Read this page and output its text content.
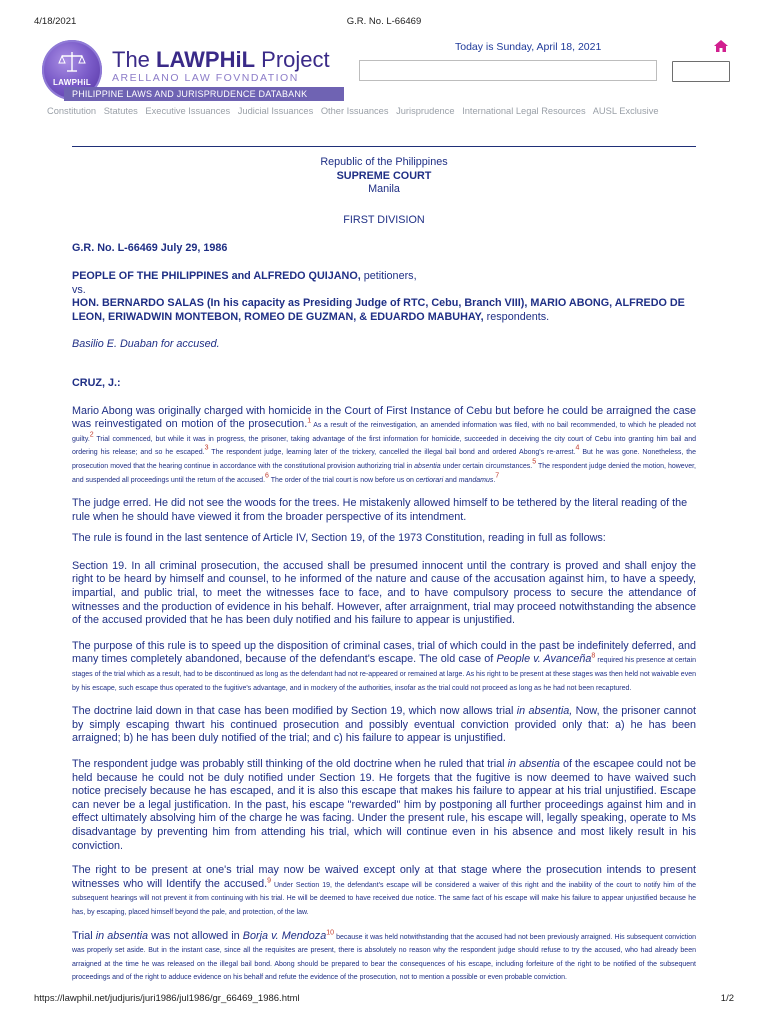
4/18/2021	G.R. No. L-66469
LAWPHiL
The LAWPHiL Project
ARELLANO LAW FOVNDATION
PHILIPPINE LAWS AND JURISPRUDENCE DATABANK
Today is Sunday, April 18, 2021
Constitution Statutes Executive Issuances Judicial Issuances Other Issuances Jurisprudence International Legal Resources AUSL Exclusive

Republic of the Philippines

SUPREME COURT

Manila

FIRST DIVISION

G.R. No. L-66469 July 29, 1986

PEOPLE OF THE PHILIPPINES and ALFREDO QUIJANO, petitioners,

vs.

HON. BERNARDO SALAS (In his capacity as Presiding Judge of RTC, Cebu, Branch VIII), MARIO ABONG, ALFREDO DE LEON, ERIWADWIN MONTEBON, ROMEO DE GUZMAN, & EDUARDO MABUHAY, respondents.

Basilio E. Duaban for accused.

CRUZ, J.:

Mario Abong was originally charged with homicide in the Court of First Instance of Cebu but before he could be arraigned the case was reinvestigated on motion of the prosecution.$^1$ As a result of the reinvestigation, an amended information was filed, with no bail recommended, to which he pleaded not guilty.$^2$ Trial commenced, but while it was in progress, the prisoner, taking advantage of the first information for homicide, succeeded in deceiving the city court of Cebu into granting him bail and ordering his release; and so he escaped.$^3$ The respondent judge, learning later of the trickery, cancelled the illegal bail bond and ordered Abong's re-arrest.$^4$ But he was gone. Nonetheless, the prosecution moved that the hearing continue in accordance with the constitutional provision authorizing trial in absentia under certain circumstances.$^5$ The respondent judge denied the motion, however, and suspended all proceedings until the return of the accused.$^6$ The order of the trial court is now before us on certiorari and mandamus.$^7$

The judge erred. He did not see the woods for the trees. He mistakenly allowed himself to be tethered by the literal reading of the rule when he should have viewed it from the broader perspective of its intendment.

The rule is found in the last sentence of Article IV, Section 19, of the 1973 Constitution, reading in full as follows:

Section 19. In all criminal prosecution, the accused shall be presumed innocent until the contrary is proved and shall enjoy the right to be heard by himself and counsel, to he informed of the nature and cause of the accusation against him, to have a speedy, impartial, and public trial, to meet the witnesses face to face, and to have compulsory process to secure the attendance of witnesses and the production of evidence in his behalf. However, after arraignment, trial may proceed notwithstanding the absence of the accused provided that he has been duly notified and his failure to appear is unjustified.

The purpose of this rule is to speed up the disposition of criminal cases, trial of which could in the past be indefinitely deferred, and many times completely abandoned, because of the defendant's escape. The old case of People v. Avanceña$^8$ required his presence at certain stages of the trial which as a result, had to be discontinued as long as the defendant had not re-appeared or remained at large. As his right to be present at these stages was then held not waivable even by his escape, such escape thus operated to the fugitive's advantage, and in mockery of the authorities, insofar as the trial could not proceed as long as he had not been recaptured.

The doctrine laid down in that case has been modified by Section 19, which now allows trial in absentia, Now, the prisoner cannot by simply escaping thwart his continued prosecution and possibly eventual conviction provided only that: a) he has been arraigned; b) he has been duly notified of the trial; and c) his failure to appear is unjustified.

The respondent judge was probably still thinking of the old doctrine when he ruled that trial in absentia of the escapee could not be held because he could not be duly notified under Section 19. He forgets that the fugitive is now deemed to have waived such notice precisely because he has escaped, and it is also this escape that makes his failure to appear at his trial unjustified. Escape can never be a legal justification. In the past, his escape "rewarded" him by postponing all further proceedings against him and in effect ultimately absolving him of the charge he was facing. Under the present rule, his escape will, legally speaking, operate to Ms disadvantage by preventing him from attending his trial, which will continue even in his absence and most likely result in his conviction.

The right to be present at one's trial may now be waived except only at that stage where the prosecution intends to present witnesses who will Identify the accused.$^9$ Under Section 19, the defendant's escape will be considered a waiver of this right and the inability of the court to notify him of the subsequent hearings will not prevent it from continuing with his trial. He will be deemed to have received due notice. The same fact of his escape will make his failure to appear unjustified because he has, by escaping, placed himself beyond the pale, and protection, of the law.

Trial in absentia was not allowed in Borja v. Mendoza$^{10}$ because it was held notwithstanding that the accused had not been previously arraigned. His subsequent conviction was properly set aside. But in the instant case, since all the requisites are present, there is absolutely no reason why the respondent judge should refuse to try the accused, who had already been arraigned at the time he was released on the illegal bail bond. Abong should be prepared to bear the consequences of his escape, including forfeiture of the right to be notified of the subsequent proceedings and of the right to adduce evidence on his behalf and refute the evidence of the prosecution, not to mention a possible or even probable conviction.

https://lawphil.net/judjuris/juri1986/jul1986/gr_66469_1986.html	1/2
